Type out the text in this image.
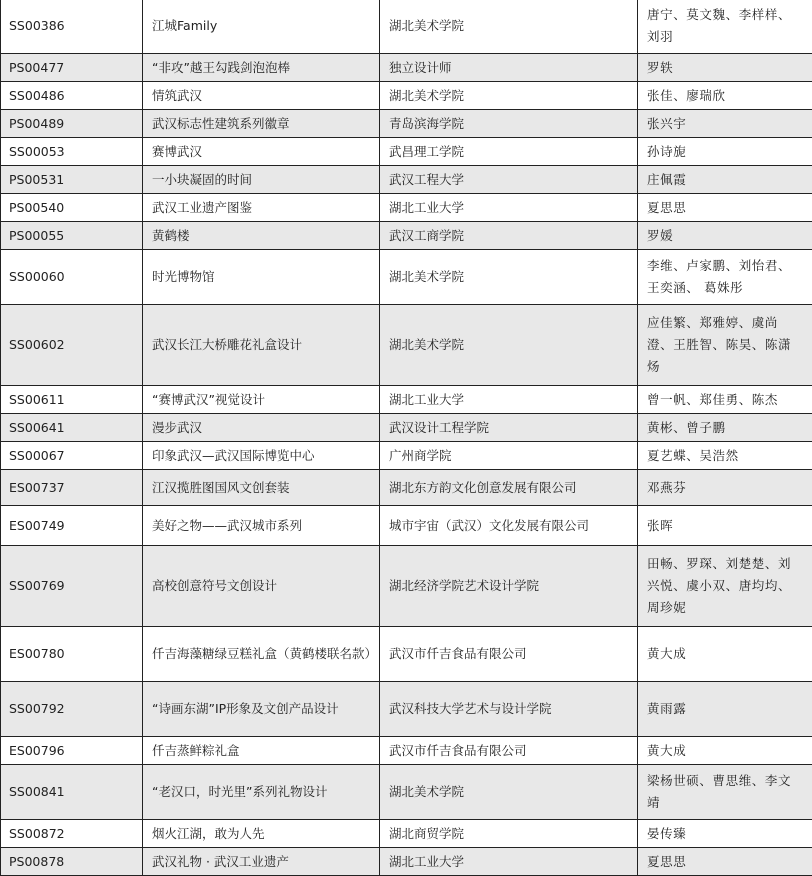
SS00386	江城Family	湖北美术学院	唐宁、莫文魏、李样样、刘羽
PS00477	“非攻”越王勾践剑泡泡棒	独立设计师	罗轶
SS00486	情筑武汉	湖北美术学院	张佳、廖瑞欣
PS00489	武汉标志性建筑系列徽章	青岛滨海学院	张兴宇
SS00053	赛博武汉	武昌理工学院	孙诗旎
PS00531	一小块凝固的时间	武汉工程大学	庄佩霞
PS00540	武汉工业遗产图鉴	湖北工业大学	夏思思
PS00055	黄鹤楼	武汉工商学院	罗媛
SS00060	时光博物馆	湖北美术学院	李维、卢家鹏、刘怡君、王奕涵、 葛姝彤
SS00602	武汉长江大桥雕花礼盒设计	湖北美术学院	应佳繁、郑雅婷、虞尚澄、王胜智、陈昊、陈潇炀
SS00611	“赛博武汉”视觉设计	湖北工业大学	曾一帆、郑佳勇、陈杰
SS00641	漫步武汉	武汉设计工程学院	黄彬、曾子鹏
SS00067	印象武汉—武汉国际博览中心	广州商学院	夏艺蝶、吴浩然
ES00737	江汉揽胜图国风文创套装	湖北东方韵文化创意发展有限公司	邓燕芬
ES00749	美好之物——武汉城市系列	城市宇宙（武汉）文化发展有限公司	张晖
SS00769	高校创意符号文创设计	湖北经济学院艺术设计学院	田畅、罗琛、刘楚楚、刘兴悦、虞小双、唐均均、周珍妮
ES00780	仟吉海藻糖绿豆糕礼盒（黄鹤楼联名款）	武汉市仟吉食品有限公司	黄大成
SS00792	“诗画东湖”IP形象及文创产品设计	武汉科技大学艺术与设计学院	黄雨露
ES00796	仟吉蒸鲜粽礼盒	武汉市仟吉食品有限公司	黄大成
SS00841	“老汉口，时光里”系列礼物设计	湖北美术学院	梁杨世硕、曹思维、李文靖
SS00872	烟火江湖，敢为人先	湖北商贸学院	晏传臻
PS00878	武汉礼物 · 武汉工业遗产	湖北工业大学	夏思思
